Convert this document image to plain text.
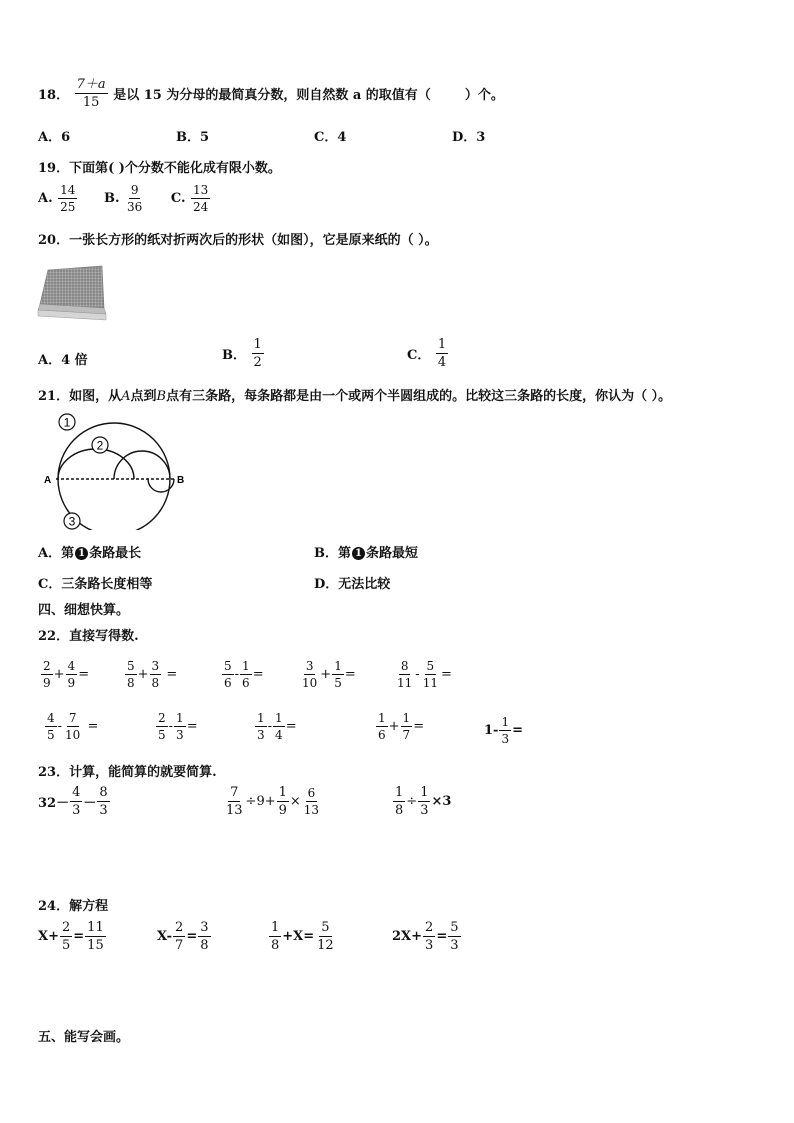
18． $\frac{7+a}{15}$ 是以 15 为分母的最简真分数，则自然数 a 的取值有（	）个。
A．6	B．5	C．4	D．3
19．下面第( )个分数不能化成有限小数。
A. $\frac{14}{25} B$. $\frac{9}{36} C$. $\frac{13}{24}$
20．一张长方形的纸对折两次后的形状（如图），它是原来纸的（ ）。
A．4 倍	B． $\frac{1}{2}$	C． $\frac{1}{4}$
21．如图，从A点到B点有三条路，每条路都是由一个或两个半圆组成的。比较这三条路的长度，你认为（ ）。
1
2
3
A	B
A．第 1 条路最长	B．第 1 条路最短
C．三条路长度相等	D．无法比较
四、细想快算。
22．直接写得数.
$\frac{2}{9} + \frac{4}{9}$ =	$\frac{5}{8} + \frac{3}{8}$ =	$\frac{5}{6} - \frac{1}{6}$ =	$\frac{3}{10} + \frac{1}{5}$ =	$\frac{8}{11} - \frac{5}{11}$ =
$\frac{4}{5} - \frac{7}{10}$ =	$\frac{2}{5} - \frac{1}{3}$ =	$\frac{1}{3} - \frac{1}{4}$ =	$\frac{1}{6} + \frac{1}{7}$ =	$1- \frac{1}{3}$ =
23．计算，能简算的就要简算.
$32- \frac{4}{3} - \frac{8}{3}$	$\frac{7}{13} \div 9+ \frac{1}{9} \times \frac{6}{13}$	$\frac{1}{8} \div \frac{1}{3} \times 3$
24．解方程
$X+ \frac{2}{5} = \frac{11}{15}$	$X- \frac{2}{7} = \frac{3}{8}$	$\frac{1}{8} +X= \frac{5}{12}$	$2X+ \frac{2}{3} = \frac{5}{3}$
五、能写会画。
